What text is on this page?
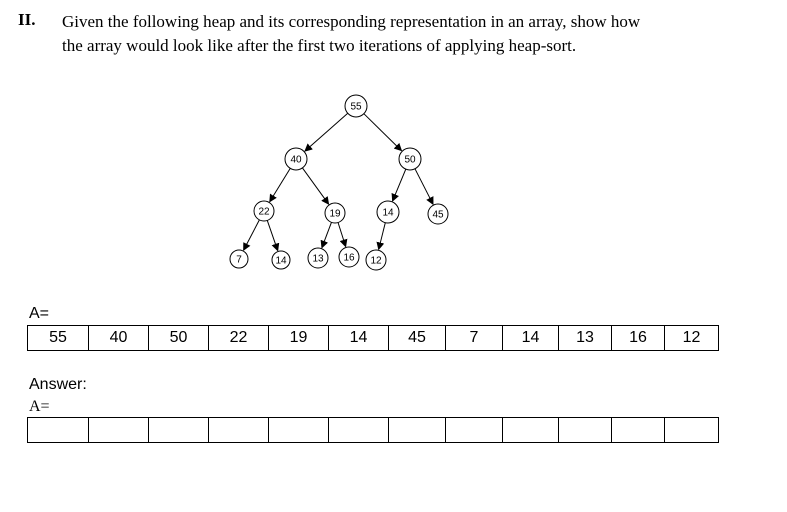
II. Given the following heap and its corresponding representation in an array, show how
the array would look like after the first two iterations of applying heap-sort.
55
40	50
22	19	14	45
7	14	13 16 12
A=
55	40	50	22	19	14	45	7	14	13	16	12
Answer:
A=
